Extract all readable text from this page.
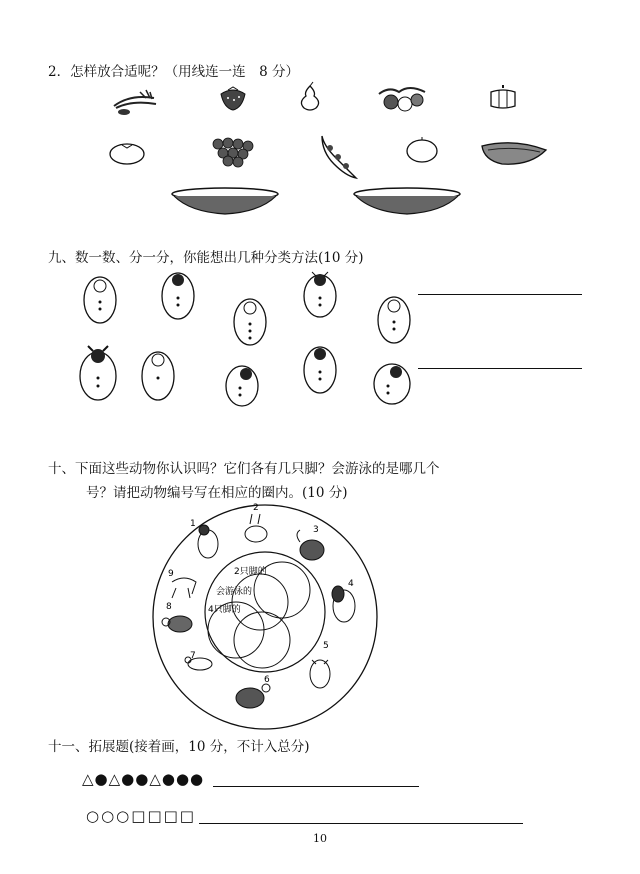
2．怎样放合适呢？（用线连一连　8 分）
九、数一数、分一分，你能想出几种分类方法(10 分)
十、下面这些动物你认识吗？它们各有几只脚？会游泳的是哪几个
号？请把动物编号写在相应的圈内。(10 分)
1
2
3
4
5
6
7
8
9	2只脚的
会游泳的
4只脚的
十一、拓展题(接着画，10 分，不计入总分)
△●△●●△●●●
○○○□□□□
10
